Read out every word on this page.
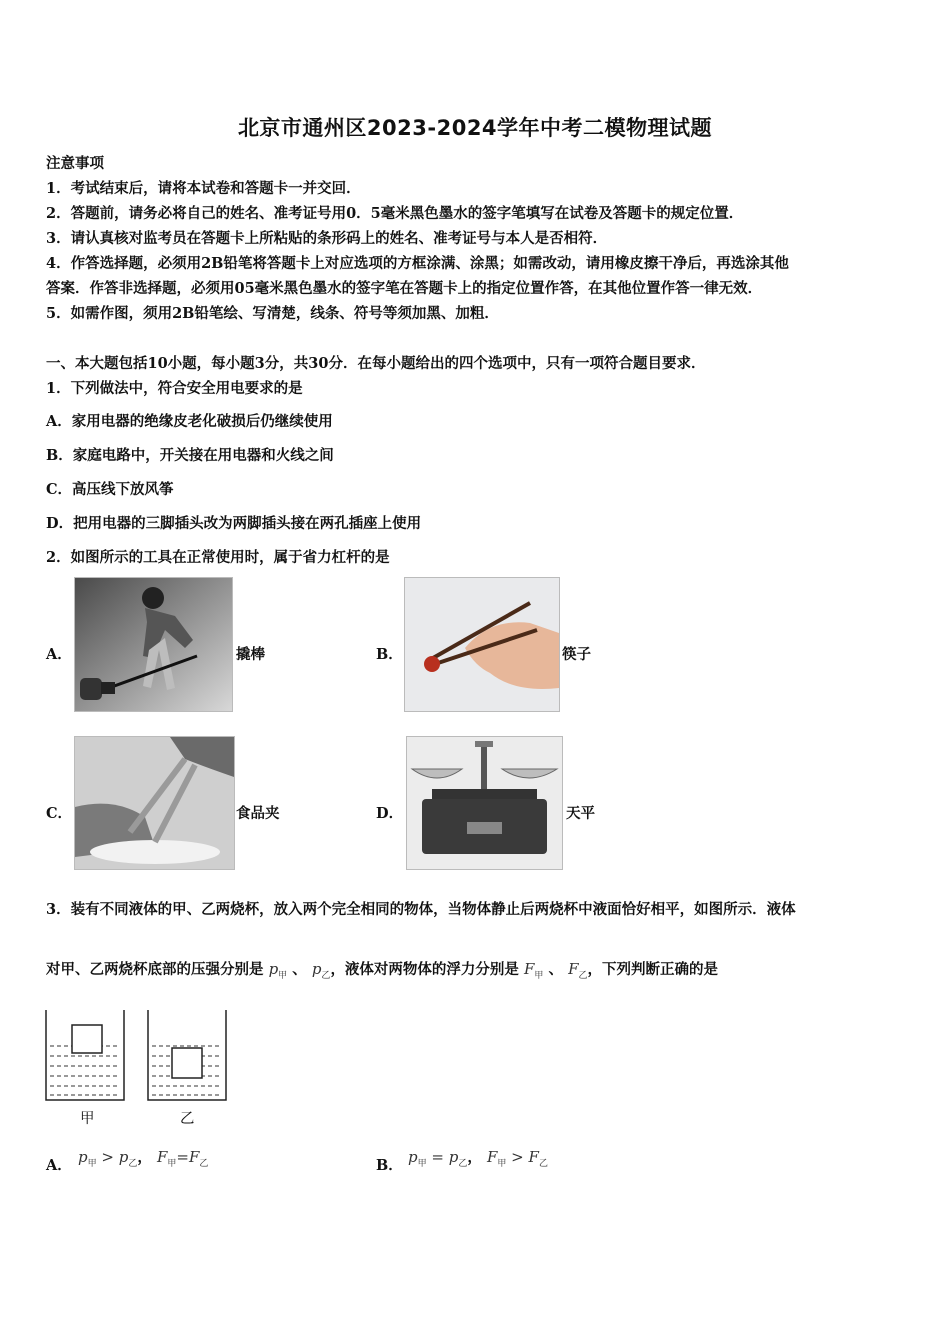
北京市通州区2023-2024学年中考二模物理试题
注意事项
1．考试结束后，请将本试卷和答题卡一并交回．
2．答题前，请务必将自己的姓名、准考证号用0．5毫米黑色墨水的签字笔填写在试卷及答题卡的规定位置．
3．请认真核对监考员在答题卡上所粘贴的条形码上的姓名、准考证号与本人是否相符．
4．作答选择题，必须用2B铅笔将答题卡上对应选项的方框涂满、涂黑；如需改动，请用橡皮擦干净后，再选涂其他
答案．作答非选择题，必须用05毫米黑色墨水的签字笔在答题卡上的指定位置作答，在其他位置作答一律无效．
5．如需作图，须用2B铅笔绘、写清楚，线条、符号等须加黑、加粗．
一、本大题包括10小题，每小题3分，共30分．在每小题给出的四个选项中，只有一项符合题目要求．
1．下列做法中，符合安全用电要求的是
A．家用电器的绝缘皮老化破损后仍继续使用
B．家庭电路中，开关接在用电器和火线之间
C．高压线下放风筝
D．把用电器的三脚插头改为两脚插头接在两孔插座上使用
2．如图所示的工具在正常使用时，属于省力杠杆的是
A．	撬棒	B．	筷子
C．	食品夹	D．	天平
3．装有不同液体的甲、乙两烧杯，放入两个完全相同的物体，当物体静止后两烧杯中液面恰好相平，如图所示．液体
对甲、乙两烧杯底部的压强分别是 $p_甲$ 、 $p_乙$，液体对两物体的浮力分别是 $F_甲$ 、 $F_乙$，下列判断正确的是
甲	乙
A． $p_甲 > p_乙$， $F_甲=F_乙$	B． $p_甲 = p_乙$， $F_甲 > F_乙$
